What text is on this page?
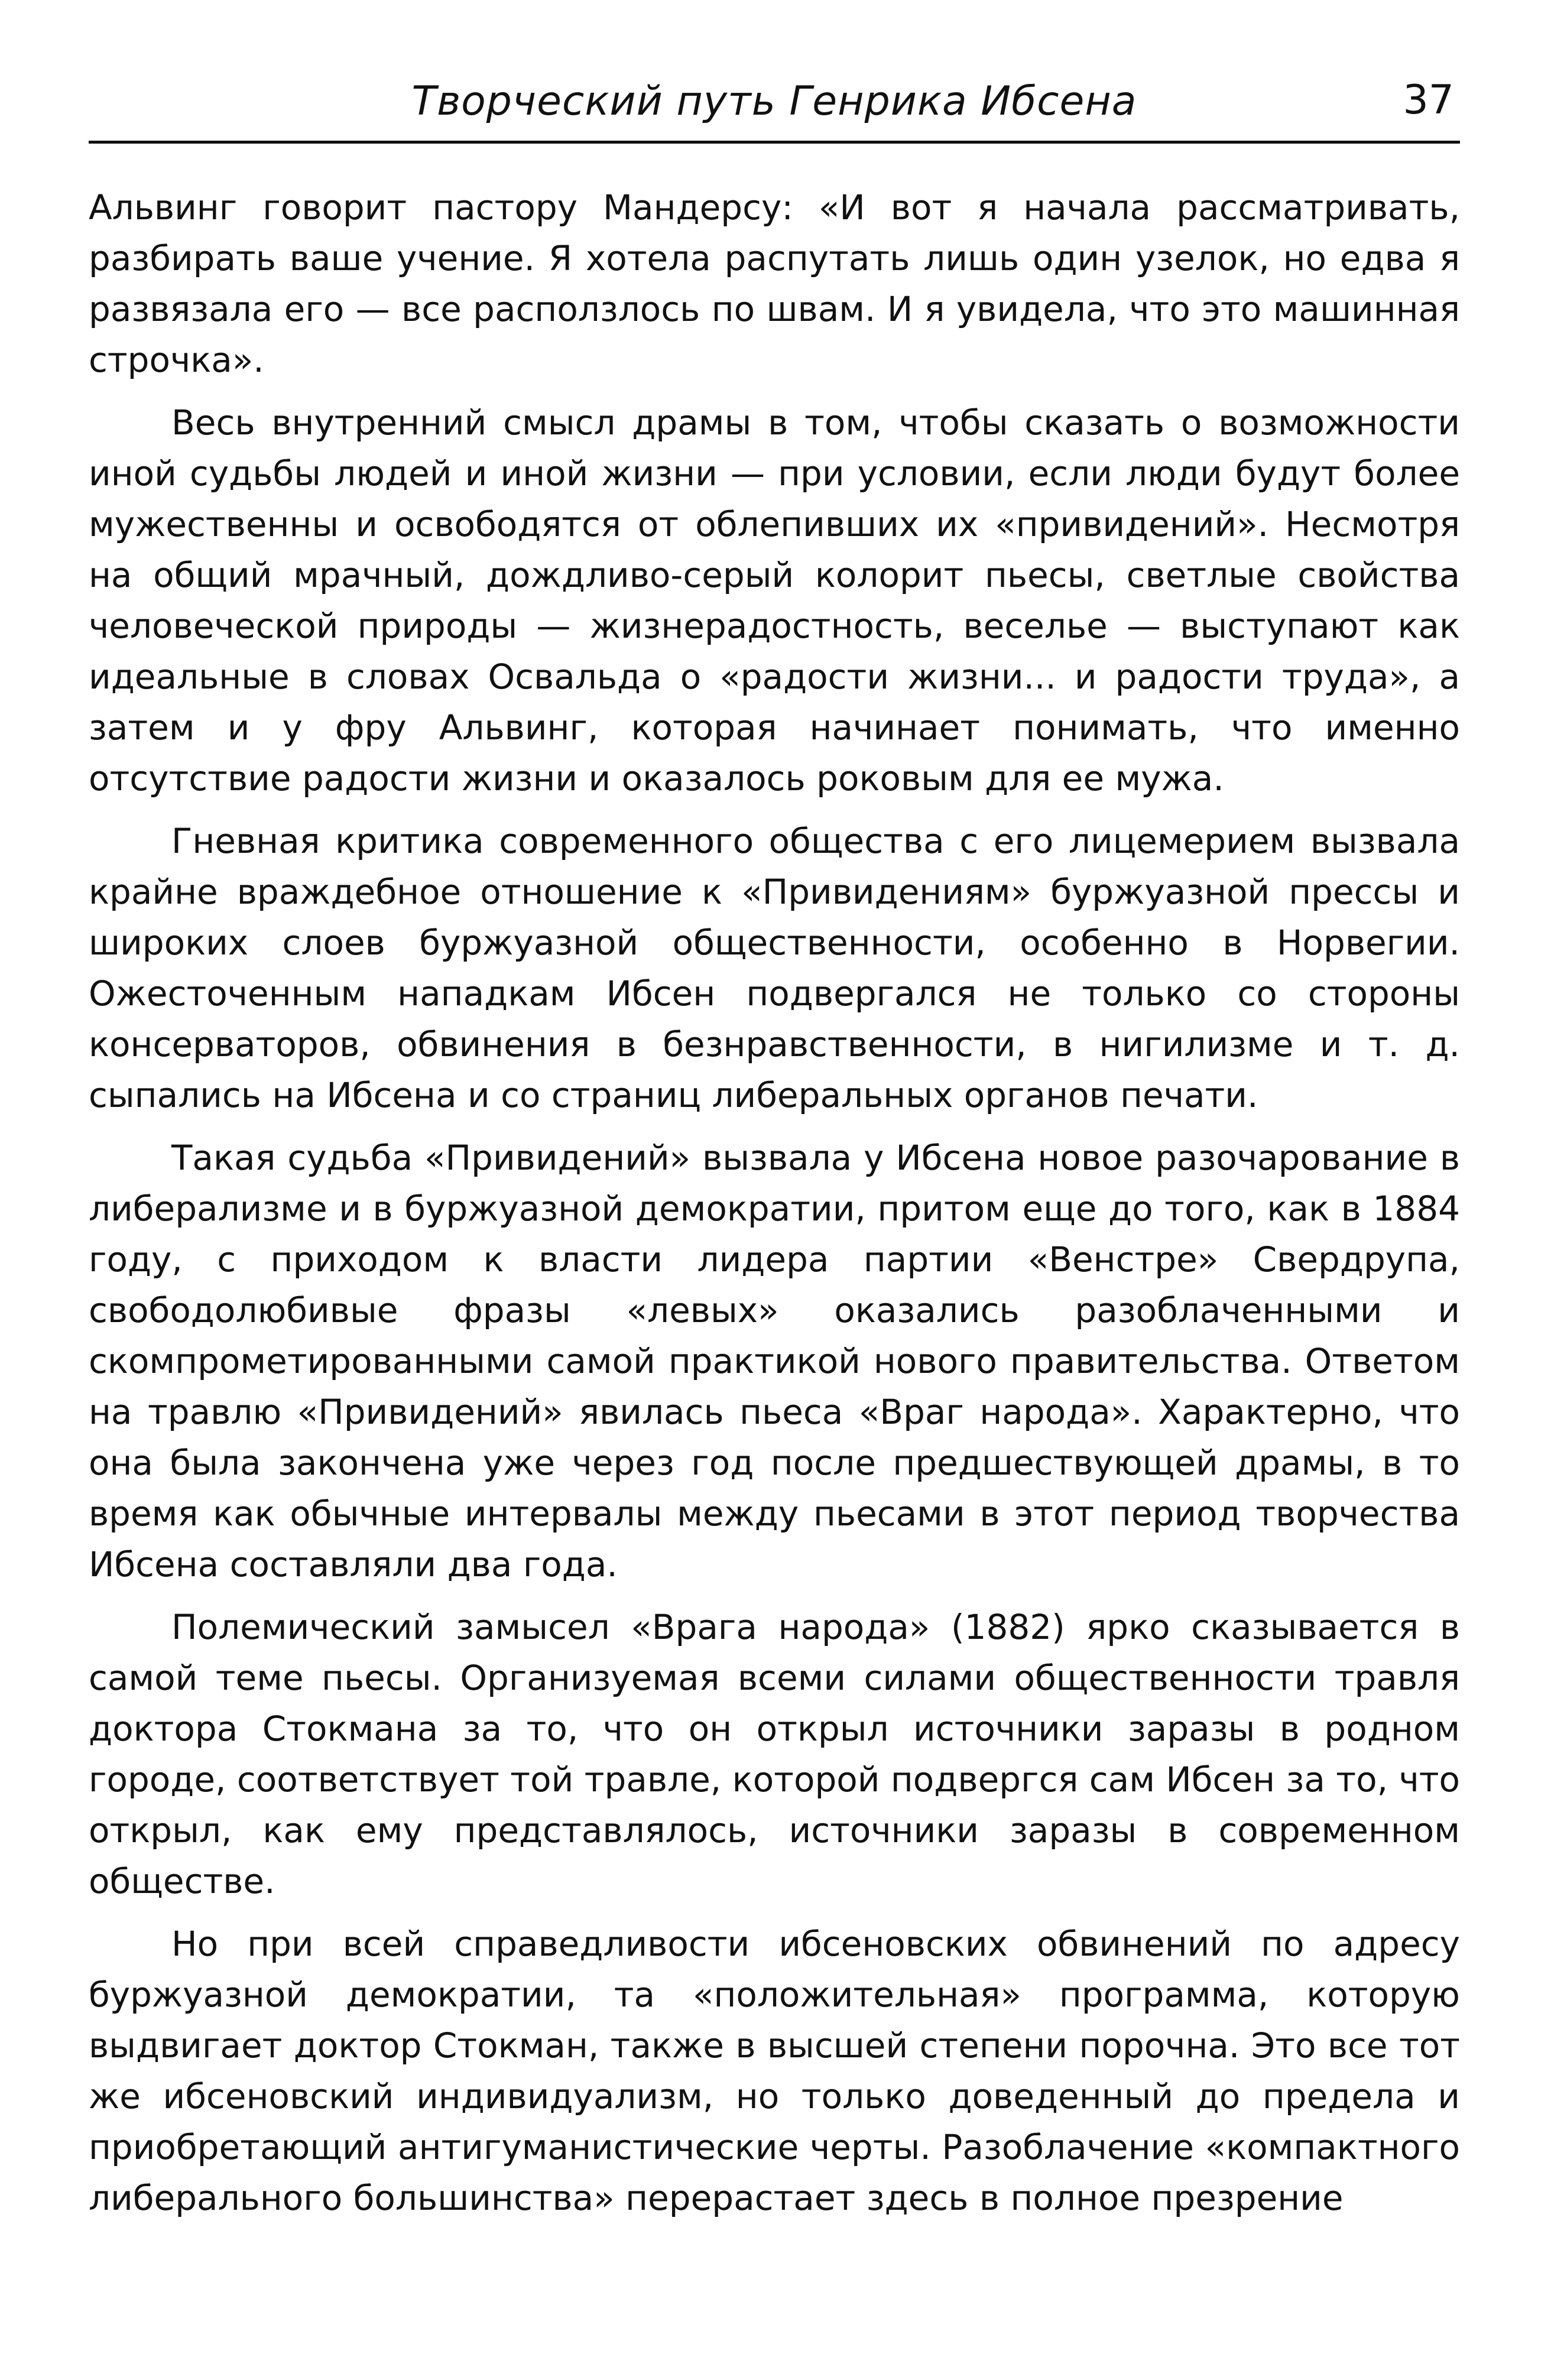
Творческий путь Генрика Ибсена	37

Альвинг говорит пастору Мандерсу: «И вот я начала рассматривать, разбирать ваше учение. Я хотела распутать лишь один узелок, но едва я развязала его — все расползлось по швам. И я увидела, что это машинная строчка».

Весь внутренний смысл драмы в том, чтобы сказать о возможности иной судьбы людей и иной жизни — при условии, если люди будут более мужественны и освободятся от облепивших их «привидений». Несмотря на общий мрачный, дождливо-серый колорит пьесы, светлые свойства человеческой природы — жизнерадостность, веселье — выступают как идеальные в словах Освальда о «радости жизни... и радости труда», а затем и у фру Альвинг, которая начинает понимать, что именно отсутствие радости жизни и оказалось роковым для ее мужа.

Гневная критика современного общества с его лицемерием вызвала крайне враждебное отношение к «Привидениям» буржуазной прессы и широких слоев буржуазной общественности, особенно в Норвегии. Ожесточенным нападкам Ибсен подвергался не только со стороны консерваторов, обвинения в безнравственности, в нигилизме и т. д. сыпались на Ибсена и со страниц либеральных органов печати.

Такая судьба «Привидений» вызвала у Ибсена новое разочарование в либерализме и в буржуазной демократии, притом еще до того, как в 1884 году, с приходом к власти лидера партии «Венстре» Свердрупа, свободолюбивые фразы «левых» оказались разоблаченными и скомпрометированными самой практикой нового правительства. Ответом на травлю «Привидений» явилась пьеса «Враг народа». Характерно, что она была закончена уже через год после предшествующей драмы, в то время как обычные интервалы между пьесами в этот период творчества Ибсена составляли два года.

Полемический замысел «Врага народа» (1882) ярко сказывается в самой теме пьесы. Организуемая всеми силами общественности травля доктора Стокмана за то, что он открыл источники заразы в родном городе, соответствует той травле, которой подвергся сам Ибсен за то, что открыл, как ему представлялось, источники заразы в современном обществе.

Но при всей справедливости ибсеновских обвинений по адресу буржуазной демократии, та «положительная» программа, которую выдвигает доктор Стокман, также в высшей степени порочна. Это все тот же ибсеновский индивидуализм, но только доведенный до предела и приобретающий антигуманистические черты. Разоблачение «компактного либерального большинства» перерастает здесь в полное презрение
